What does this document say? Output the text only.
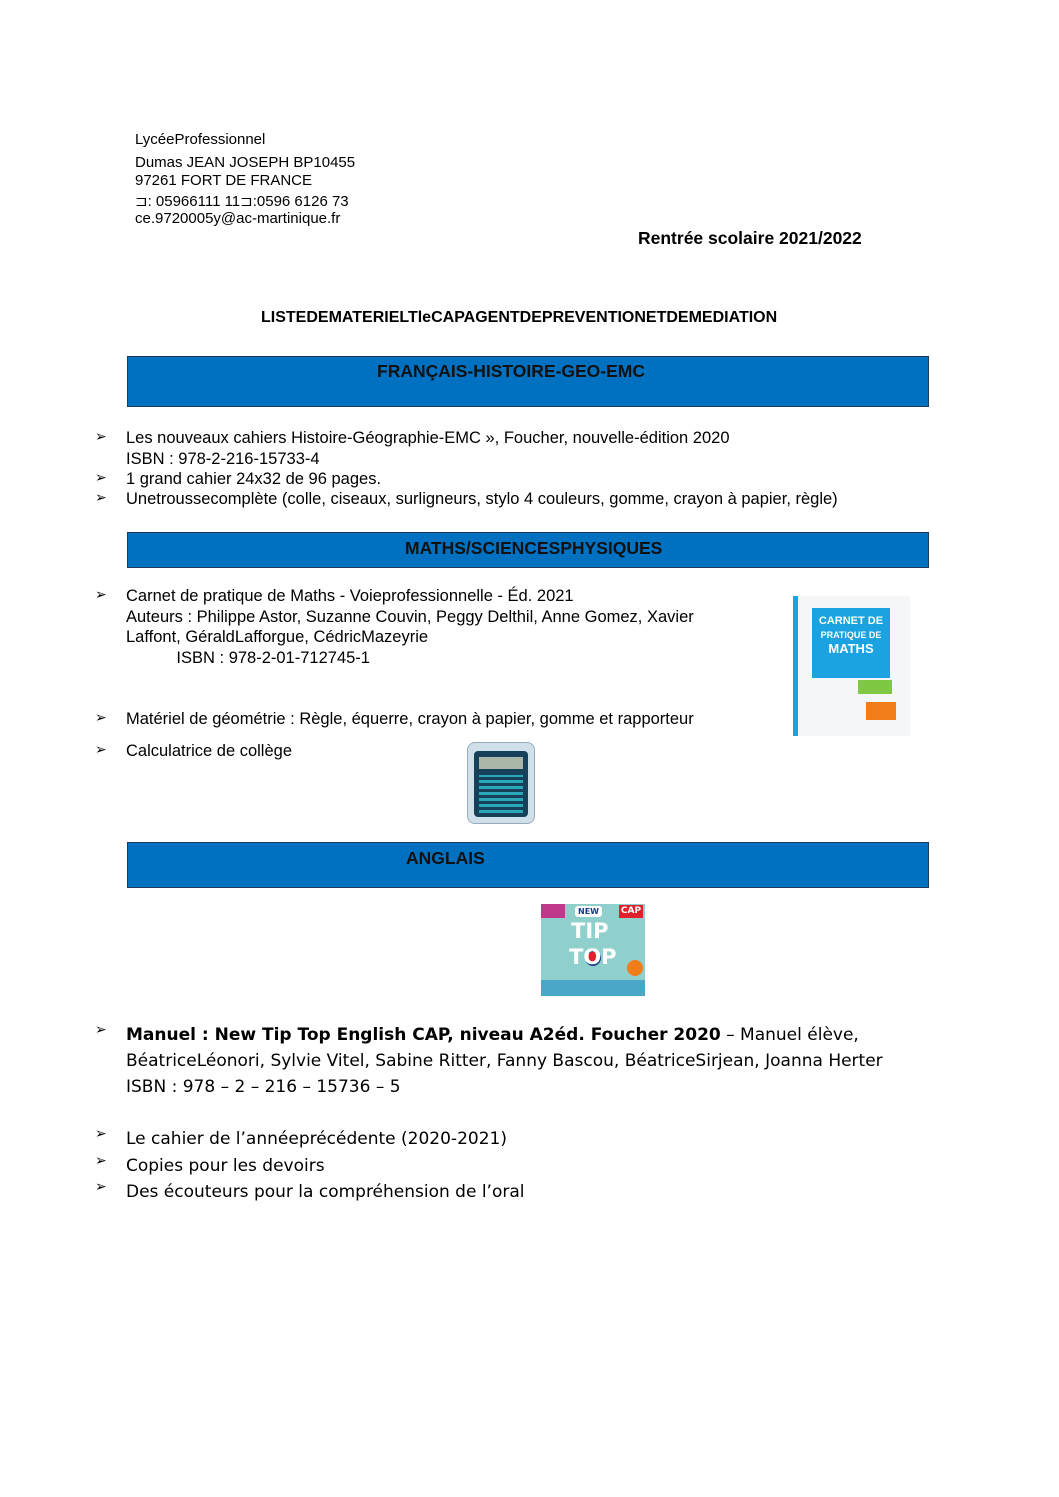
LycéeProfessionnel
Dumas JEAN JOSEPH BP10455
97261 FORT DE FRANCE
⊐: 05966111 11⊐:0596 6126 73
ce.9720005y@ac-martinique.fr
Rentrée scolaire 2021/2022
LISTEDEMATERIELTleCAPAGENTDEPREVENTIONETDEMEDIATION
FRANÇAIS-HISTOIRE-GEO-EMC
➢ Les nouveaux cahiers Histoire-Géographie-EMC », Foucher, nouvelle-édition 2020
ISBN : 978-2-216-15733-4
➢ 1 grand cahier 24x32 de 96 pages.
➢ Unetroussecomplète (colle, ciseaux, surligneurs, stylo 4 couleurs, gomme, crayon à papier, règle)
MATHS/SCIENCESPHYSIQUES
➢ Carnet de pratique de Maths - Voieprofessionnelle - Éd. 2021
Auteurs : Philippe Astor, Suzanne Couvin, Peggy Delthil, Anne Gomez, Xavier
Laffont, GéraldLafforgue, CédricMazeyrie
ISBN : 978-2-01-712745-1
➢ Matériel de géométrie : Règle, équerre, crayon à papier, gomme et rapporteur
➢ Calculatrice de collège
CARNET DE
PRATIQUE DE
MATHS
ANGLAIS
CAP
NEW
TIP
TOP
➢ Manuel : New Tip Top English CAP, niveau A2éd. Foucher 2020 – Manuel élève,
BéatriceLéonori, Sylvie Vitel, Sabine Ritter, Fanny Bascou, BéatriceSirjean, Joanna Herter
ISBN : 978 – 2 – 216 – 15736 – 5
➢ Le cahier de l’annéeprécédente (2020-2021)
➢ Copies pour les devoirs
➢ Des écouteurs pour la compréhension de l’oral
